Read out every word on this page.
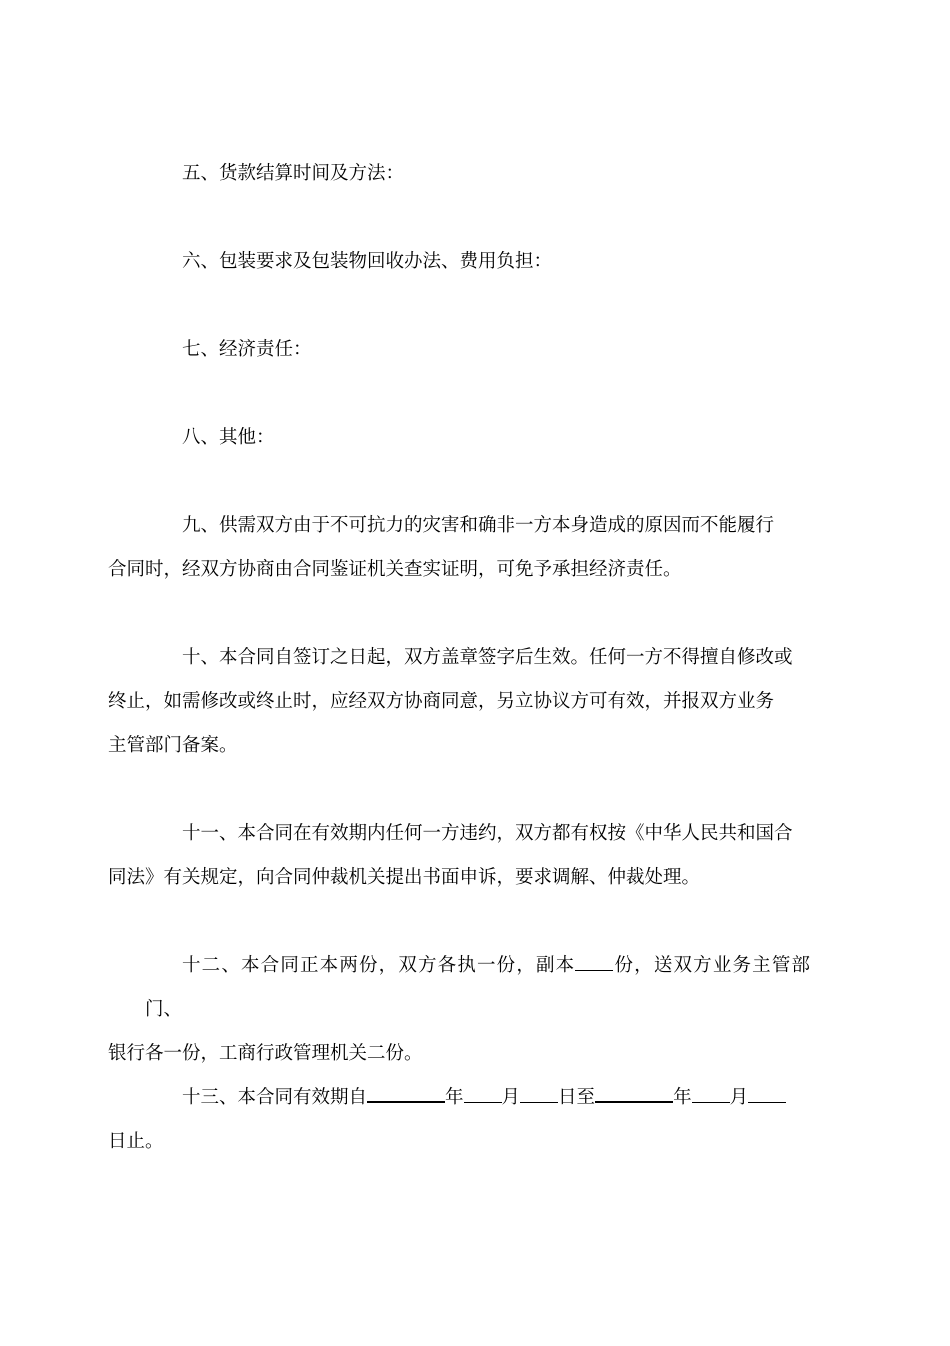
五、货款结算时间及方法：

六、包装要求及包装物回收办法、费用负担：

七、经济责任：

八、其他：

九、供需双方由于不可抗力的灾害和确非一方本身造成的原因而不能履行
合同时，经双方协商由合同鉴证机关查实证明，可免予承担经济责任。

十、本合同自签订之日起，双方盖章签字后生效。任何一方不得擅自修改或
终止，如需修改或终止时，应经双方协商同意，另立协议方可有效，并报双方业务
主管部门备案。

十一、本合同在有效期内任何一方违约，双方都有权按《中华人民共和国合
同法》有关规定，向合同仲裁机关提出书面申诉，要求调解、仲裁处理。

十二、本合同正本两份，双方各执一份，副本 份，送双方业务主管部门、
银行各一份，工商行政管理机关二份。

十三、本合同有效期自	年 月 日至	年 月
日止。
